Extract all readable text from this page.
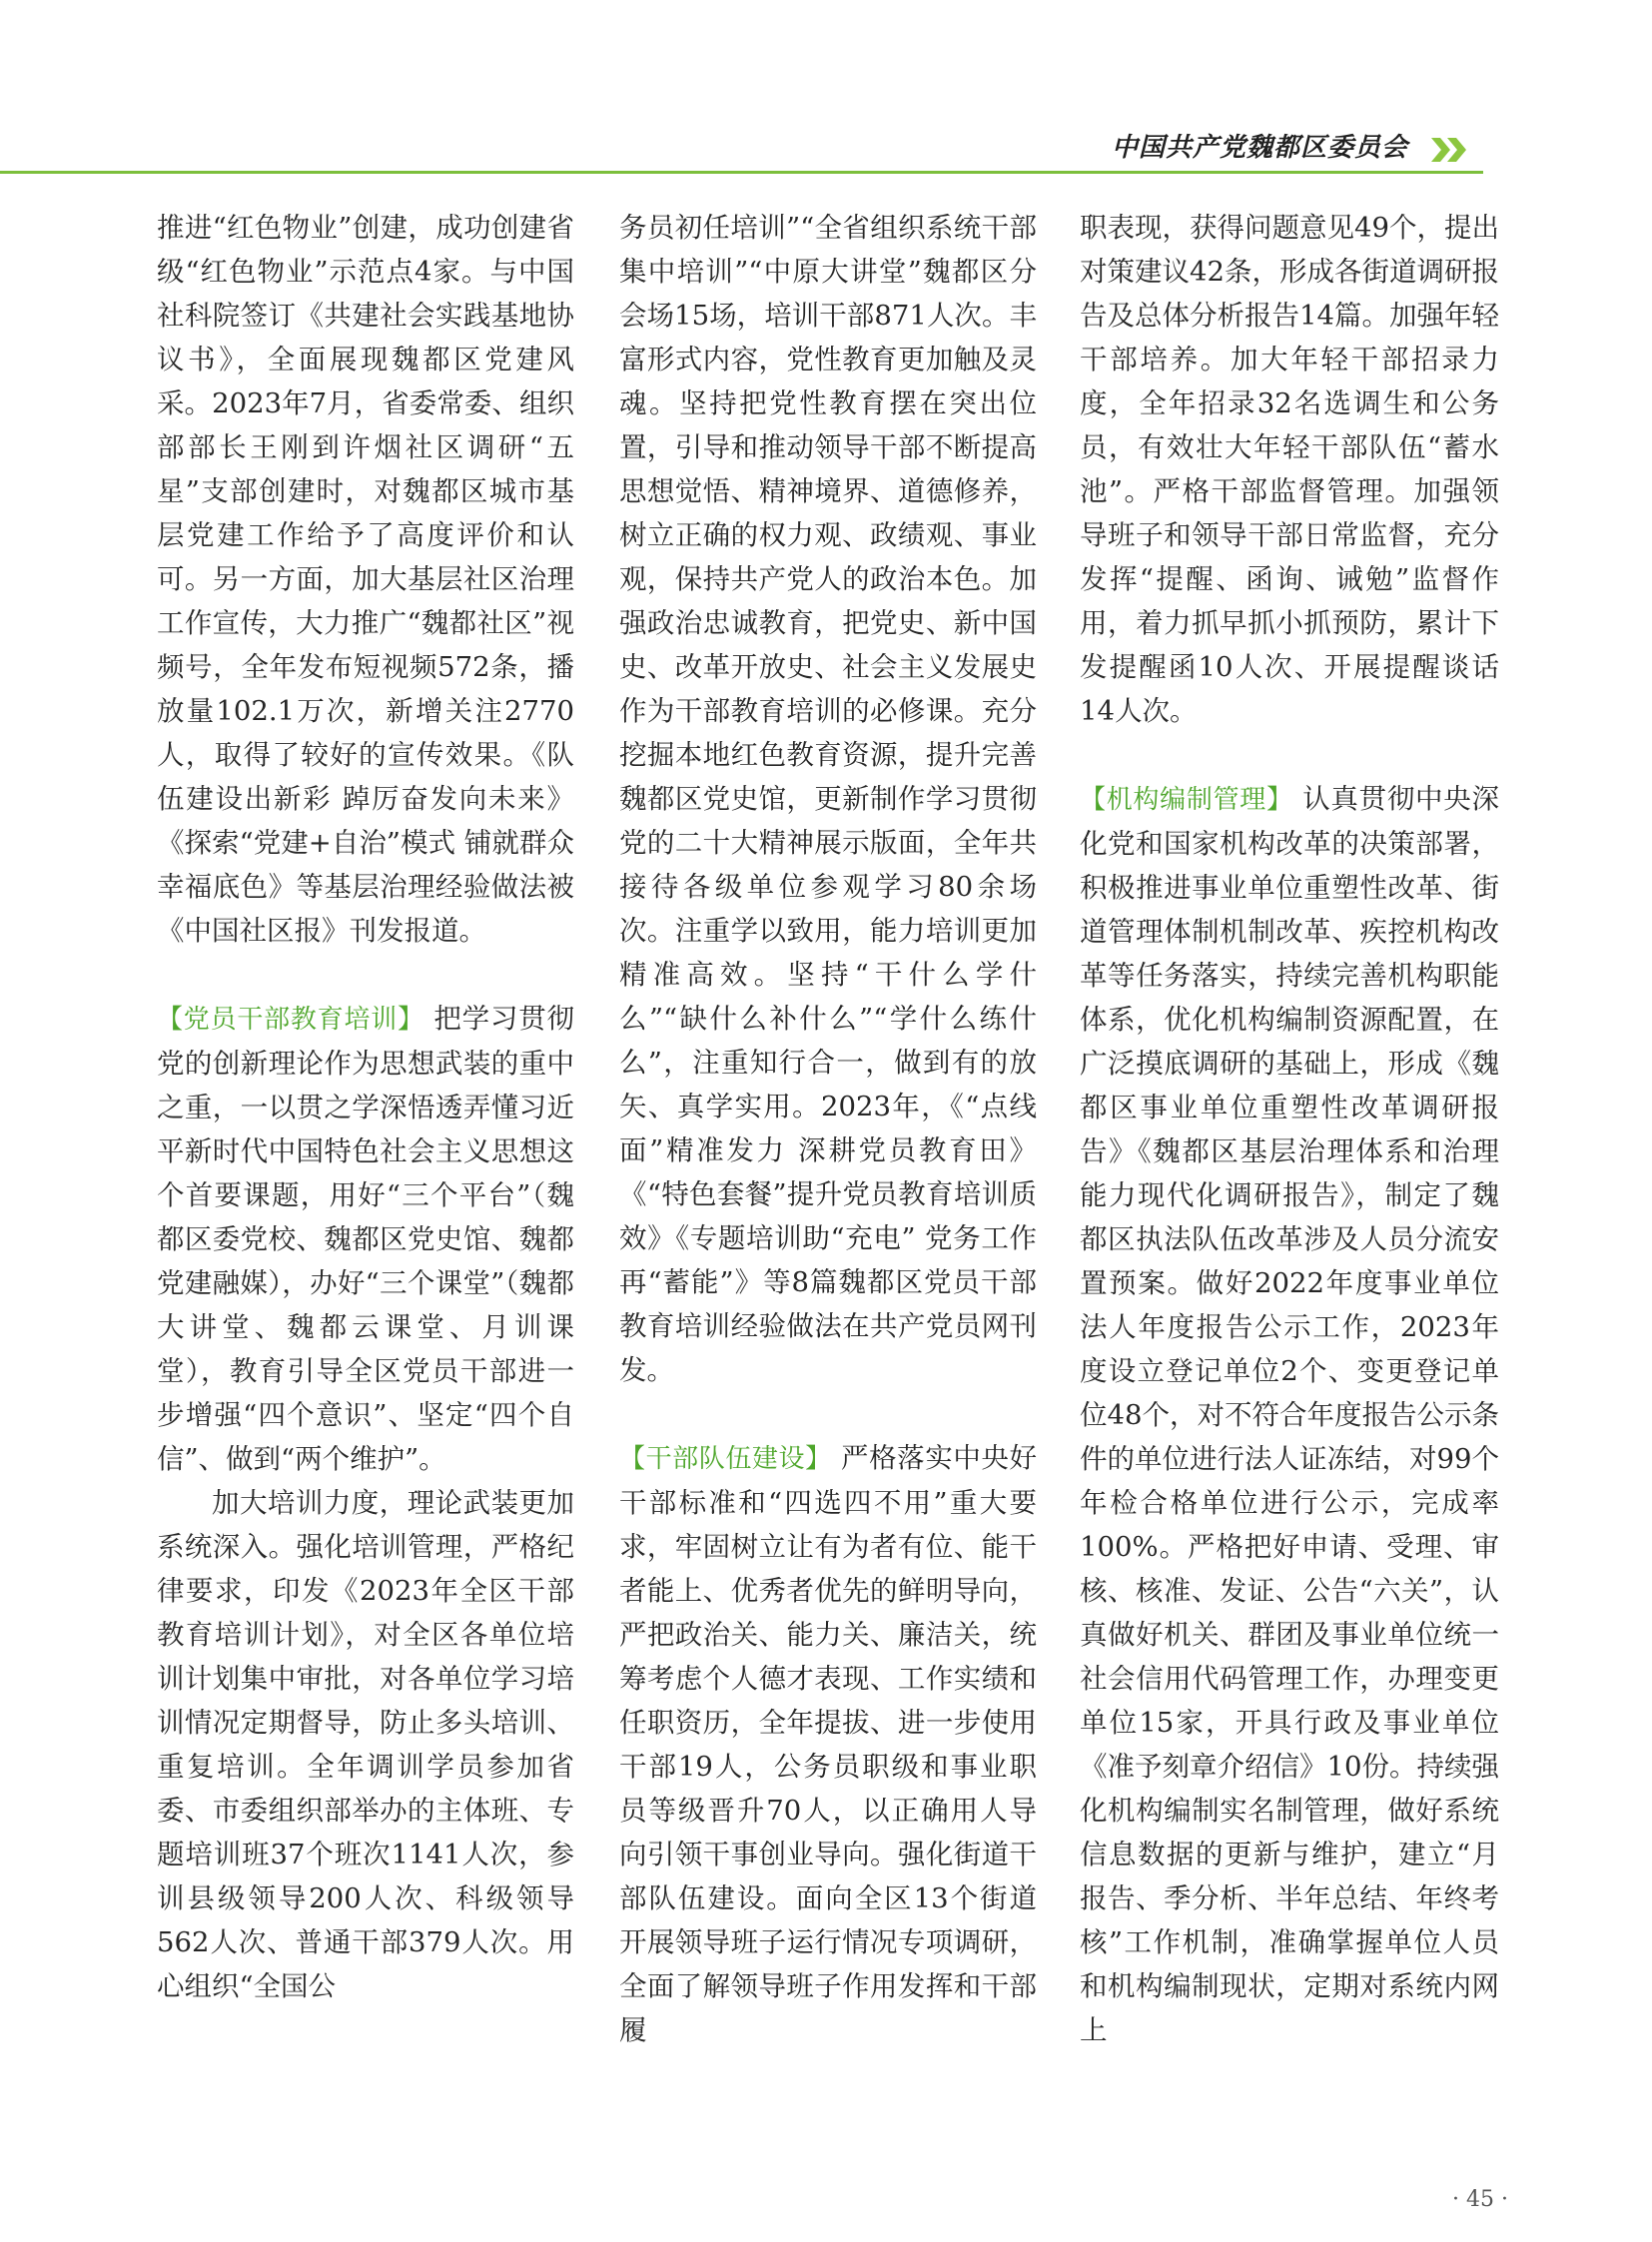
中国共产党魏都区委员会

推进“红色物业”创建，成功创建省级“红色物业”示范点4家。与中国社科院签订《共建社会实践基地协议书》，全面展现魏都区党建风采。2023年7月，省委常委、组织部部长王刚到许烟社区调研“五星”支部创建时，对魏都区城市基层党建工作给予了高度评价和认可。另一方面，加大基层社区治理工作宣传，大力推广“魏都社区”视频号，全年发布短视频572条，播放量102.1万次，新增关注2770人，取得了较好的宣传效果。《队伍建设出新彩 踔厉奋发向未来》《探索“党建+自治”模式 铺就群众幸福底色》等基层治理经验做法被《中国社区报》刊发报道。

【党员干部教育培训】 把学习贯彻党的创新理论作为思想武装的重中之重，一以贯之学深悟透弄懂习近平新时代中国特色社会主义思想这个首要课题，用好“三个平台”（魏都区委党校、魏都区党史馆、魏都党建融媒），办好“三个课堂”（魏都大讲堂、魏都云课堂、月训课堂），教育引导全区党员干部进一步增强“四个意识”、坚定“四个自信”、做到“两个维护”。

加大培训力度，理论武装更加系统深入。强化培训管理，严格纪律要求，印发《2023年全区干部教育培训计划》，对全区各单位培训计划集中审批，对各单位学习培训情况定期督导，防止多头培训、重复培训。全年调训学员参加省委、市委组织部举办的主体班、专题培训班37个班次1141人次，参训县级领导200人次、科级领导562人次、普通干部379人次。用心组织“全国公

务员初任培训”“全省组织系统干部集中培训”“中原大讲堂”魏都区分会场15场，培训干部871人次。丰富形式内容，党性教育更加触及灵魂。坚持把党性教育摆在突出位置，引导和推动领导干部不断提高思想觉悟、精神境界、道德修养，树立正确的权力观、政绩观、事业观，保持共产党人的政治本色。加强政治忠诚教育，把党史、新中国史、改革开放史、社会主义发展史作为干部教育培训的必修课。充分挖掘本地红色教育资源，提升完善魏都区党史馆，更新制作学习贯彻党的二十大精神展示版面，全年共接待各级单位参观学习80余场次。注重学以致用，能力培训更加精准高效。坚持“干什么学什么”“缺什么补什么”“学什么练什么”，注重知行合一，做到有的放矢、真学实用。2023年，《“点线面”精准发力 深耕党员教育田》《“特色套餐”提升党员教育培训质效》《专题培训助“充电” 党务工作再“蓄能”》等8篇魏都区党员干部教育培训经验做法在共产党员网刊发。

【干部队伍建设】 严格落实中央好干部标准和“四选四不用”重大要求，牢固树立让有为者有位、能干者能上、优秀者优先的鲜明导向，严把政治关、能力关、廉洁关，统筹考虑个人德才表现、工作实绩和任职资历，全年提拔、进一步使用干部19人，公务员职级和事业职员等级晋升70人，以正确用人导向引领干事创业导向。强化街道干部队伍建设。面向全区13个街道开展领导班子运行情况专项调研，全面了解领导班子作用发挥和干部履

职表现，获得问题意见49个，提出对策建议42条，形成各街道调研报告及总体分析报告14篇。加强年轻干部培养。加大年轻干部招录力度，全年招录32名选调生和公务员，有效壮大年轻干部队伍“蓄水池”。严格干部监督管理。加强领导班子和领导干部日常监督，充分发挥“提醒、函询、诫勉”监督作用，着力抓早抓小抓预防，累计下发提醒函10人次、开展提醒谈话14人次。

【机构编制管理】 认真贯彻中央深化党和国家机构改革的决策部署，积极推进事业单位重塑性改革、街道管理体制机制改革、疾控机构改革等任务落实，持续完善机构职能体系，优化机构编制资源配置，在广泛摸底调研的基础上，形成《魏都区事业单位重塑性改革调研报告》《魏都区基层治理体系和治理能力现代化调研报告》，制定了魏都区执法队伍改革涉及人员分流安置预案。做好2022年度事业单位法人年度报告公示工作，2023年度设立登记单位2个、变更登记单位48个，对不符合年度报告公示条件的单位进行法人证冻结，对99个年检合格单位进行公示，完成率100%。严格把好申请、受理、审核、核准、发证、公告“六关”，认真做好机关、群团及事业单位统一社会信用代码管理工作，办理变更单位15家，开具行政及事业单位《准予刻章介绍信》10份。持续强化机构编制实名制管理，做好系统信息数据的更新与维护，建立“月报告、季分析、半年总结、年终考核”工作机制，准确掌握单位人员和机构编制现状，定期对系统内网上

· 45 ·
